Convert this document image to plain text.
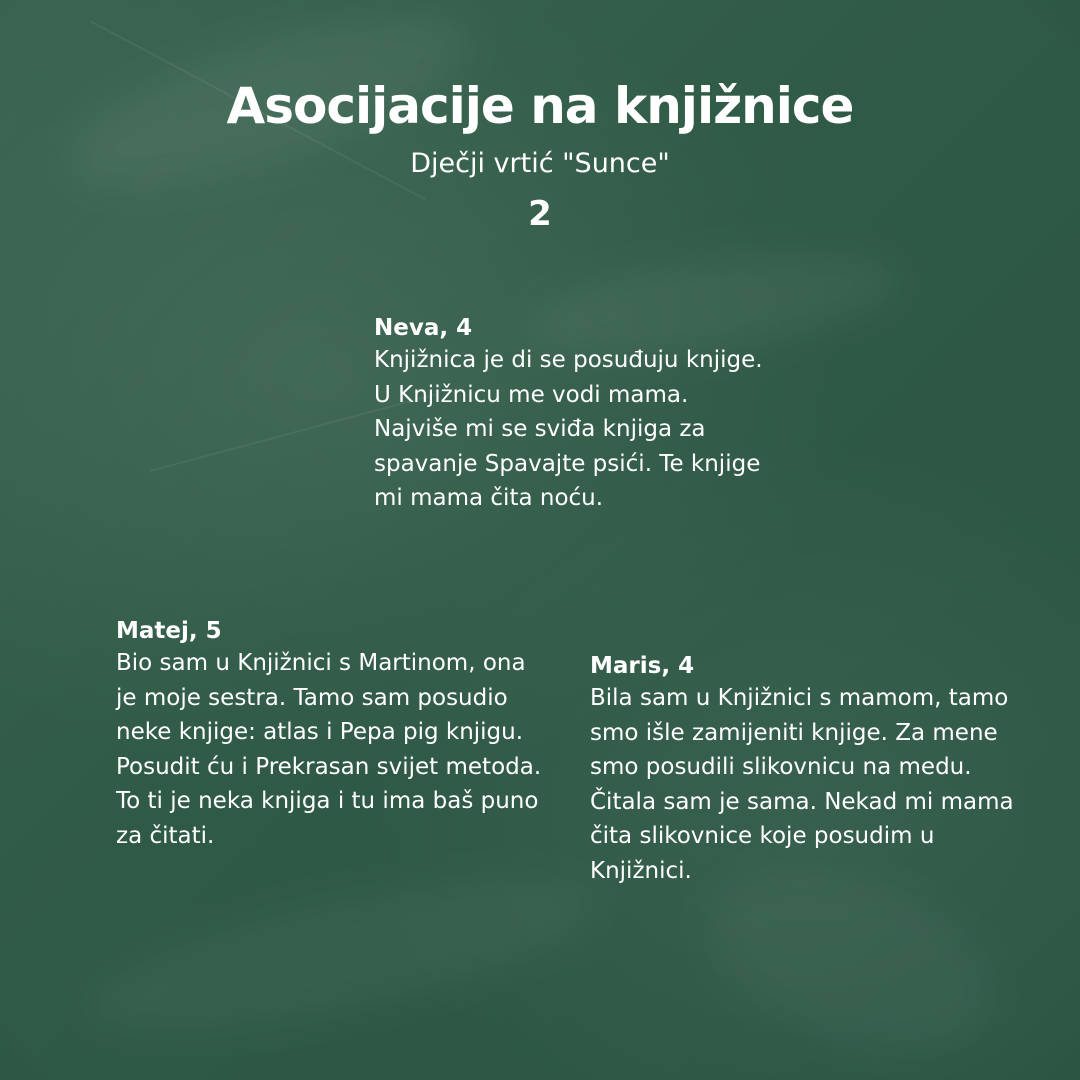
Asocijacije na knjižnice
Dječji vrtić "Sunce"
2
Neva, 4
Knjižnica je di se posuđuju knjige. U Knjižnicu me vodi mama. Najviše mi se sviđa knjiga za spavanje Spavajte psići. Te knjige mi mama čita noću.
Matej, 5
Bio sam u Knjižnici s Martinom, ona je moje sestra. Tamo sam posudio neke knjige: atlas i Pepa pig knjigu. Posudit ću i Prekrasan svijet metoda. To ti je neka knjiga i tu ima baš puno za čitati.
Maris, 4
Bila sam u Knjižnici s mamom, tamo smo išle zamijeniti knjige. Za mene smo posudili slikovnicu na medu. Čitala sam je sama. Nekad mi mama čita slikovnice koje posudim u Knjižnici.
